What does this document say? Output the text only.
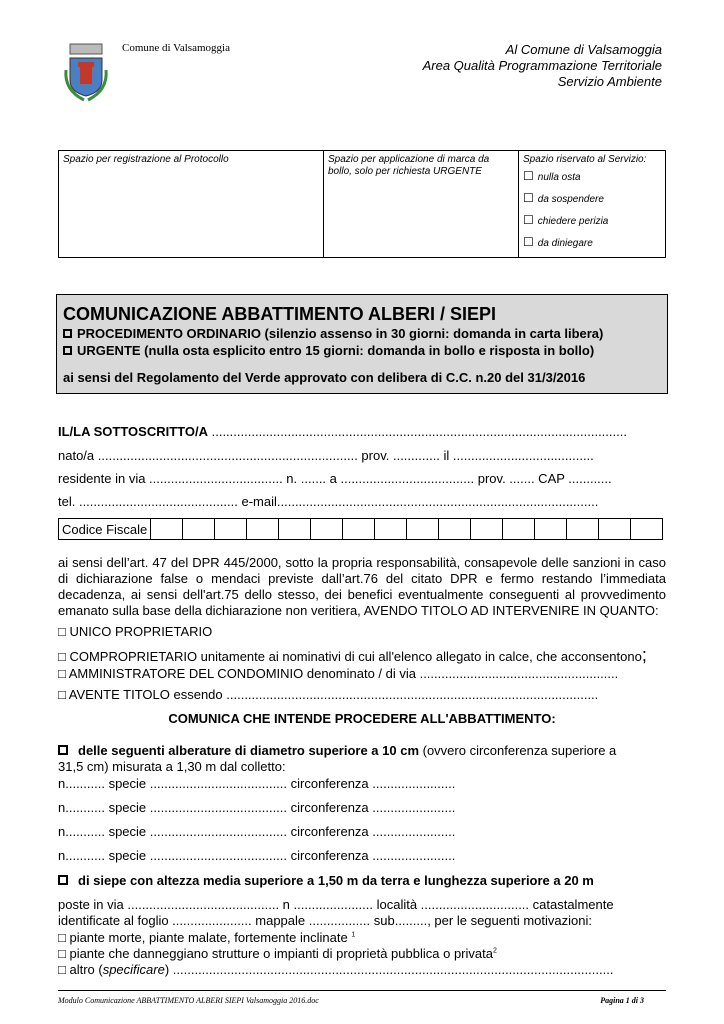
Comune di Valsamoggia	Al Comune di Valsamoggia
Area Qualità Programmazione Territoriale
Servizio Ambiente
Spazio per registrazione al Protocollo	Spazio per applicazione di marca da bollo, solo per richiesta URGENTE	
Spazio riservato al Servizio:
☐ nulla osta
☐ da sospendere
☐ chiedere perizia
☐ da diniegare
COMUNICAZIONE ABBATTIMENTO ALBERI / SIEPI
PROCEDIMENTO ORDINARIO (silenzio assenso in 30 giorni: domanda in carta libera)
URGENTE (nulla osta esplicito entro 15 giorni: domanda in bollo e risposta in bollo)
ai sensi del Regolamento del Verde approvato con delibera di C.C. n.20 del 31/3/2016
IL/LA SOTTOSCRITTO/A ...................................................................................................................
nato/a ........................................................................ prov. ............. il .......................................
residente in via ..................................... n. ....... a ..................................... prov. ....... CAP ............
tel. ............................................ e-mail.........................................................................................
Codice Fiscale																
ai sensi dell’art. 47 del DPR 445/2000, sotto la propria responsabilità, consapevole delle sanzioni in caso di dichiarazione false o mendaci previste dall’art.76 del citato DPR e fermo restando l’immediata decadenza, ai sensi dell'art.75 dello stesso, dei benefici eventualmente conseguenti al provvedimento emanato sulla base della dichiarazione non veritiera, AVENDO TITOLO AD INTERVENIRE IN QUANTO:
□ UNICO PROPRIETARIO
□ COMPROPRIETARIO unitamente ai nominativi di cui all'elenco allegato in calce, che acconsentono;
□ AMMINISTRATORE DEL CONDOMINIO denominato / di via .......................................................
□ AVENTE TITOLO essendo .......................................................................................................
COMUNICA CHE INTENDE PROCEDERE ALL'ABBATTIMENTO:
delle seguenti alberature di diametro superiore a 10 cm (ovvero circonferenza superiore a
31,5 cm) misurata a 1,30 m dal colletto:
n........... specie ...................................... circonferenza .......................
n........... specie ...................................... circonferenza .......................
n........... specie ...................................... circonferenza .......................
n........... specie ...................................... circonferenza .......................
di siepe con altezza media superiore a 1,50 m da terra e lunghezza superiore a 20 m
poste in via .......................................... n ...................... località .............................. catastalmente
identificate al foglio ...................... mappale ................. sub........., per le seguenti motivazioni:
□ piante morte, piante malate, fortemente inclinate $^1$
□ piante che danneggiano strutture o impianti di proprietà pubblica o privata$^2$
□ altro (specificare) ..........................................................................................................................
Modulo Comunicazione ABBATTIMENTO ALBERI SIEPI Valsamoggia 2016.doc	Pagina 1 di 3
